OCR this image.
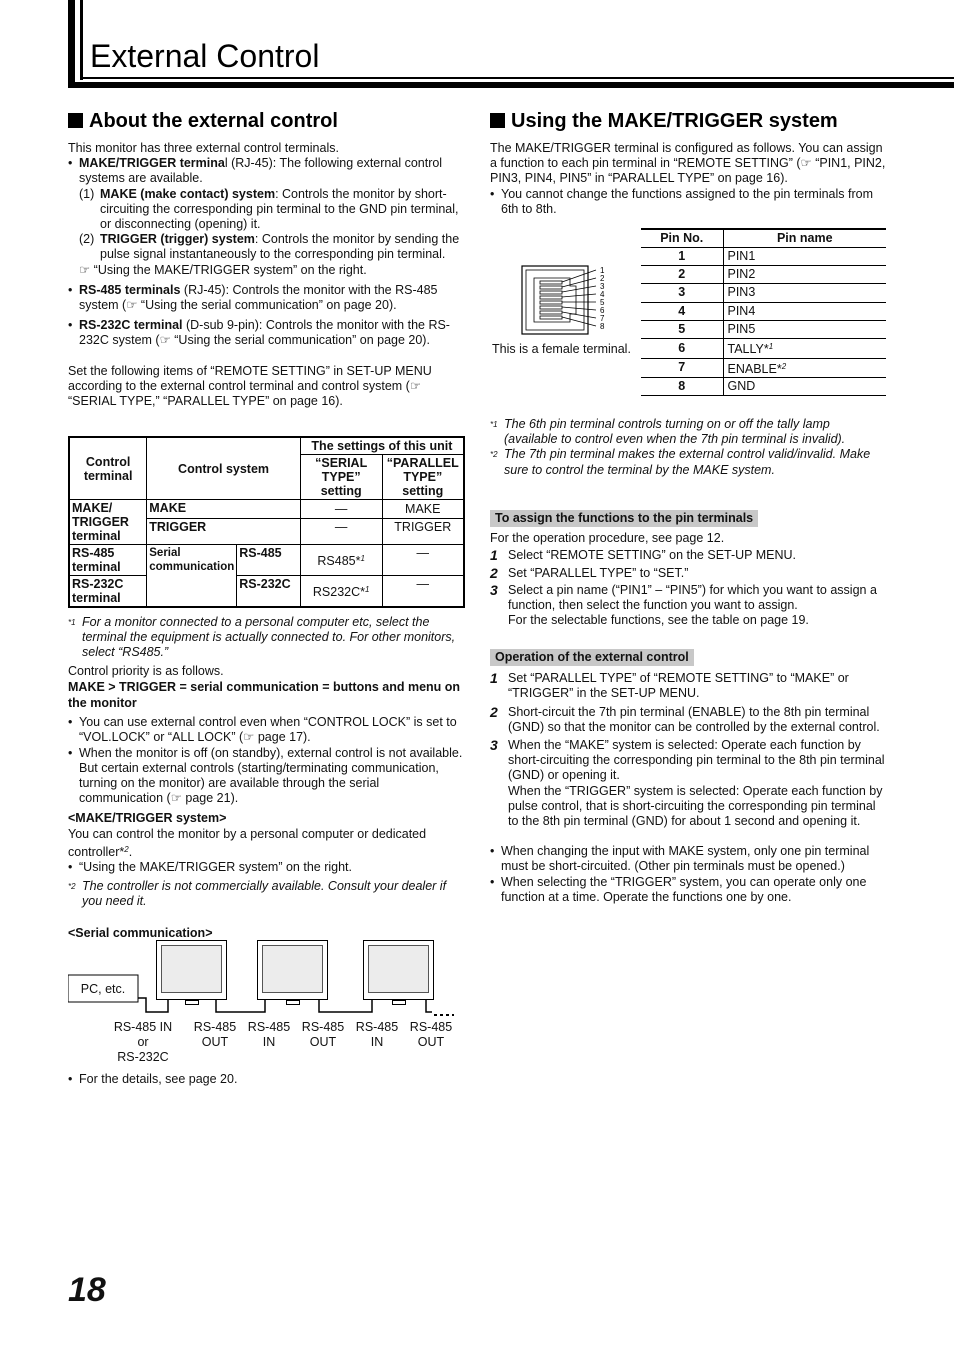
External Control
About the external control

This monitor has three external control terminals.

• MAKE/TRIGGER terminal (RJ-45): The following external control systems are available.
(1) MAKE (make contact) system: Controls the monitor by short-circuiting the corresponding pin terminal to the GND pin terminal, or disconnecting (opening) it.
(2) TRIGGER (trigger) system: Controls the monitor by sending the pulse signal instantaneously to the corresponding pin terminal.
☞ “Using the MAKE/TRIGGER system” on the right.
• RS-485 terminals (RJ-45): Controls the monitor with the RS-485 system (☞ “Using the serial communication” on page 20).
• RS-232C terminal (D-sub 9-pin): Controls the monitor with the RS-232C system (☞ “Using the serial communication” on page 20).

Set the following items of “REMOTE SETTING” in SET-UP MENU according to the external control terminal and control system (☞ “SERIAL TYPE,” “PARALLEL TYPE” on page 16).

Control terminal	Control system		The settings of this unit	
			“SERIAL TYPE” setting	“PARALLEL TYPE” setting
MAKE/ TRIGGER terminal	MAKE		—	MAKE
	TRIGGER		—	TRIGGER
RS-485 terminal	Serial communication	RS-485	RS485*$^1$	—
RS-232C terminal		RS-232C	RS232C*$^1$	—
*1 For a monitor connected to a personal computer etc, select the terminal the equipment is actually connected to. For other monitors, select “RS485.”

Control priority is as follows.

MAKE > TRIGGER = serial communication = buttons and menu on the monitor

• You can use external control even when “CONTROL LOCK” is set to “VOL.LOCK” or “ALL LOCK” (☞ page 17).
• When the monitor is off (on standby), external control is not available. But certain external controls (starting/terminating communication, turning on the monitor) are available through the serial communication (☞ page 21).

<MAKE/TRIGGER system>

You can control the monitor by a personal computer or dedicated controller*$^2$.

• “Using the MAKE/TRIGGER system” on the right.
*2 The controller is not commercially available. Consult your dealer if you need it.

<Serial communication>

PC, etc.
RS-485 IN
or
RS-232C
RS-485
OUT
RS-485
IN
RS-485
OUT
RS-485
IN
RS-485
OUT
• For the details, see page 20.
Using the MAKE/TRIGGER system

The MAKE/TRIGGER terminal is configured as follows. You can assign a function to each pin terminal in “REMOTE SETTING” (☞ “PIN1, PIN2, PIN3, PIN4, PIN5” in “PARALLEL TYPE” on page 16).

• You cannot change the functions assigned to the pin terminals from 6th to 8th.
1
2
3
4
5
6
7
8
This is a female terminal.
Pin No.	Pin name
1	PIN1
2	PIN2
3	PIN3
4	PIN4
5	PIN5
6	TALLY*$^1$
7	ENABLE*$^2$
8	GND
*1 The 6th pin terminal controls turning on or off the tally lamp (available to control even when the 7th pin terminal is invalid).
*2 The 7th pin terminal makes the external control valid/invalid. Make sure to control the terminal by the MAKE system.
To assign the functions to the pin terminals

For the operation procedure, see page 12.

1 Select “REMOTE SETTING” on the SET-UP MENU.
2 Set “PARALLEL TYPE” to “SET.”
3 Select a pin name (“PIN1” – “PIN5”) for which you want to assign a function, then select the function you want to assign.
For the selectable functions, see the table on page 19.
Operation of the external control
1 Set “PARALLEL TYPE” of “REMOTE SETTING” to “MAKE” or “TRIGGER” in the SET-UP MENU.
2 Short-circuit the 7th pin terminal (ENABLE) to the 8th pin terminal (GND) so that the monitor can be controlled by the external control.
3 When the “MAKE” system is selected: Operate each function by short-circuiting the corresponding pin terminal to the 8th pin terminal (GND) or opening it.
When the “TRIGGER” system is selected: Operate each function by pulse control, that is short-circuiting the corresponding pin terminal to the 8th pin terminal (GND) for about 1 second and opening it.
• When changing the input with MAKE system, only one pin terminal must be short-circuited. (Other pin terminals must be opened.)
• When selecting the “TRIGGER” system, you can operate only one function at a time. Operate the functions one by one.
18
